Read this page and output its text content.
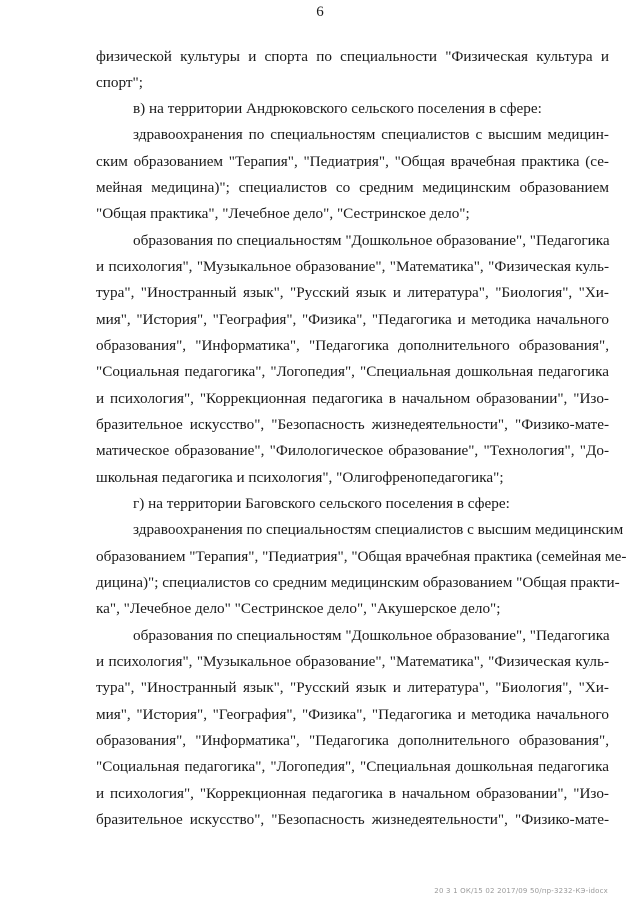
6
физической культуры и спорта по специальности "Физическая культура и
спорт";
в) на территории Андрюковского сельского поселения в сфере:
здравоохранения по специальностям специалистов с высшим медицин-
ским образованием "Терапия", "Педиатрия", "Общая врачебная практика (се-
мейная медицина)"; специалистов со средним медицинским образованием
"Общая практика", "Лечебное дело", "Сестринское дело";
образования по специальностям "Дошкольное образование", "Педагогика
и психология", "Музыкальное образование", "Математика", "Физическая куль-
тура", "Иностранный язык", "Русский язык и литература", "Биология", "Хи-
мия", "История", "География", "Физика", "Педагогика и методика начального
образования", "Информатика", "Педагогика дополнительного образования",
"Социальная педагогика", "Логопедия", "Специальная дошкольная педагогика
и психология", "Коррекционная педагогика в начальном образовании", "Изо-
бразительное искусство", "Безопасность жизнедеятельности", "Физико-мате-
матическое образование", "Филологическое образование", "Технология", "До-
школьная педагогика и психология", "Олигофренопедагогика";
г) на территории Баговского сельского поселения в сфере:
здравоохранения по специальностям специалистов с высшим медицинским
образованием "Терапия", "Педиатрия", "Общая врачебная практика (семейная ме-
дицина)"; специалистов со средним медицинским образованием "Общая практи-
ка", "Лечебное дело" "Сестринское дело", "Акушерское дело";
образования по специальностям "Дошкольное образование", "Педагогика
и психология", "Музыкальное образование", "Математика", "Физическая куль-
тура", "Иностранный язык", "Русский язык и литература", "Биология", "Хи-
мия", "История", "География", "Физика", "Педагогика и методика начального
образования", "Информатика", "Педагогика дополнительного образования",
"Социальная педагогика", "Логопедия", "Специальная дошкольная педагогика
и психология", "Коррекционная педагогика в начальном образовании", "Изо-
бразительное искусство", "Безопасность жизнедеятельности", "Физико-мате-
20 3 1 ОК/15 02 2017/09 50/пр-3232-КЭ-idocx
